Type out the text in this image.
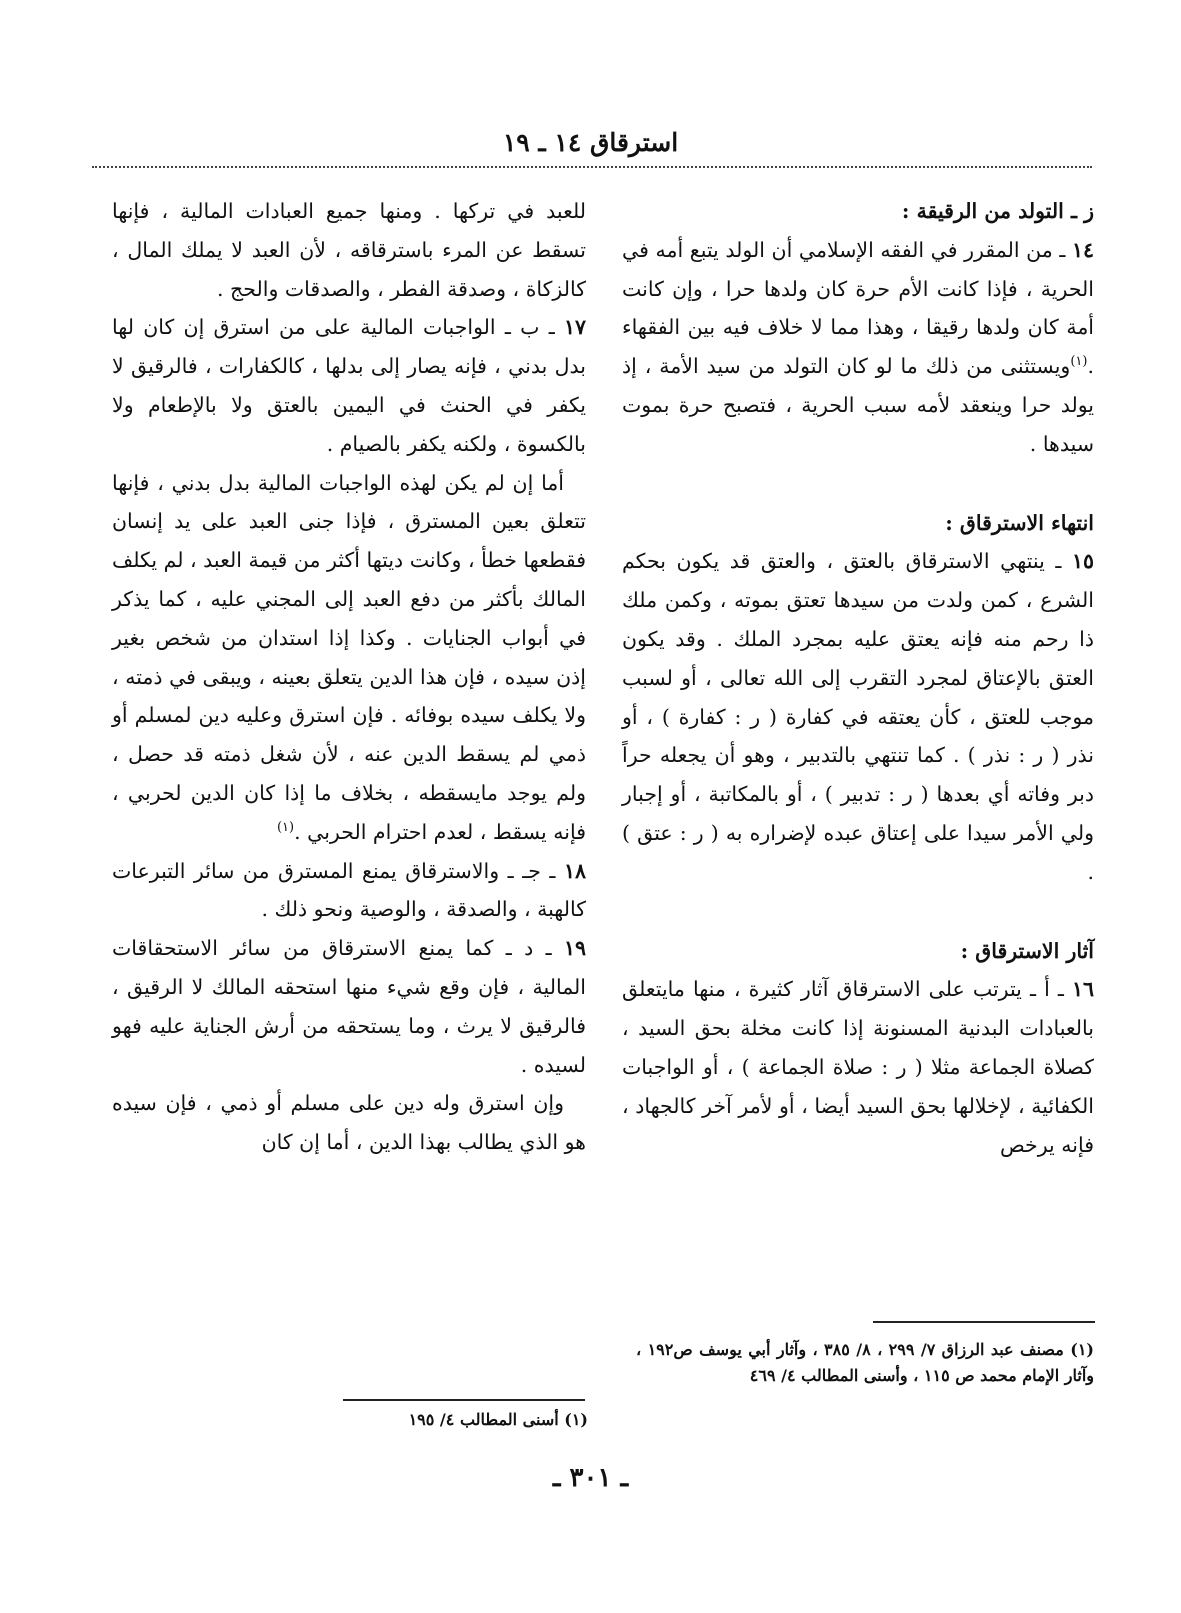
استرقاق ١٤ ـ ١٩

ز ـ التولد من الرقيقة :

١٤ ـ من المقرر في الفقه الإسلامي أن الولد يتبع أمه في الحرية ، فإذا كانت الأم حرة كان ولدها حرا ، وإن كانت أمة كان ولدها رقيقا ، وهذا مما لا خلاف فيه بين الفقهاء .$^{(١)}$ويستثنى من ذلك ما لو كان التولد من سيد الأمة ، إذ يولد حرا وينعقد لأمه سبب الحرية ، فتصبح حرة بموت سيدها .

انتهاء الاسترقاق :

١٥ ـ ينتهي الاسترقاق بالعتق ، والعتق قد يكون بحكم الشرع ، كمن ولدت من سيدها تعتق بموته ، وكمن ملك ذا رحم منه فإنه يعتق عليه بمجرد الملك . وقد يكون العتق بالإعتاق لمجرد التقرب إلى الله تعالى ، أو لسبب موجب للعتق ، كأن يعتقه في كفارة ( ر : كفارة ) ، أو نذر ( ر : نذر ) . كما تنتهي بالتدبير ، وهو أن يجعله حراً دبر وفاته أي بعدها ( ر : تدبير ) ، أو بالمكاتبة ، أو إجبار ولي الأمر سيدا على إعتاق عبده لإضراره به ( ر : عتق ) .

آثار الاسترقاق :

١٦ ـ أ ـ يترتب على الاسترقاق آثار كثيرة ، منها مايتعلق بالعبادات البدنية المسنونة إذا كانت مخلة بحق السيد ، كصلاة الجماعة مثلا ( ر : صلاة الجماعة ) ، أو الواجبات الكفائية ، لإخلالها بحق السيد أيضا ، أو لأمر آخر كالجهاد ، فإنه يرخص

للعبد في تركها . ومنها جميع العبادات المالية ، فإنها تسقط عن المرء باسترقاقه ، لأن العبد لا يملك المال ، كالزكاة ، وصدقة الفطر ، والصدقات والحج .

١٧ ـ ب ـ الواجبات المالية على من استرق إن كان لها بدل بدني ، فإنه يصار إلى بدلها ، كالكفارات ، فالرقيق لا يكفر في الحنث في اليمين بالعتق ولا بالإطعام ولا بالكسوة ، ولكنه يكفر بالصيام .

أما إن لم يكن لهذه الواجبات المالية بدل بدني ، فإنها تتعلق بعين المسترق ، فإذا جنى العبد على يد إنسان فقطعها خطأ ، وكانت ديتها أكثر من قيمة العبد ، لم يكلف المالك بأكثر من دفع العبد إلى المجني عليه ، كما يذكر في أبواب الجنايات . وكذا إذا استدان من شخص بغير إذن سيده ، فإن هذا الدين يتعلق بعينه ، ويبقى في ذمته ، ولا يكلف سيده بوفائه . فإن استرق وعليه دين لمسلم أو ذمي لم يسقط الدين عنه ، لأن شغل ذمته قد حصل ، ولم يوجد مايسقطه ، بخلاف ما إذا كان الدين لحربي ، فإنه يسقط ، لعدم احترام الحربي .$^{(١)}$

١٨ ـ جـ ـ والاسترقاق يمنع المسترق من سائر التبرعات كالهبة ، والصدقة ، والوصية ونحو ذلك .

١٩ ـ د ـ كما يمنع الاسترقاق من سائر الاستحقاقات المالية ، فإن وقع شيء منها استحقه المالك لا الرقيق ، فالرقيق لا يرث ، وما يستحقه من أرش الجناية عليه فهو لسيده .

وإن استرق وله دين على مسلم أو ذمي ، فإن سيده هو الذي يطالب بهذا الدين ، أما إن كان

(١) أسنى المطالب ٤/ ١٩٥
(١) مصنف عبد الرزاق ٧/ ٢٩٩ ، ٨/ ٣٨٥ ، وآثار أبي يوسف ص١٩٢ ، وآثار الإمام محمد ص ١١٥ ، وأسنى المطالب ٤/ ٤٦٩
ـ ٣٠١ ـ
